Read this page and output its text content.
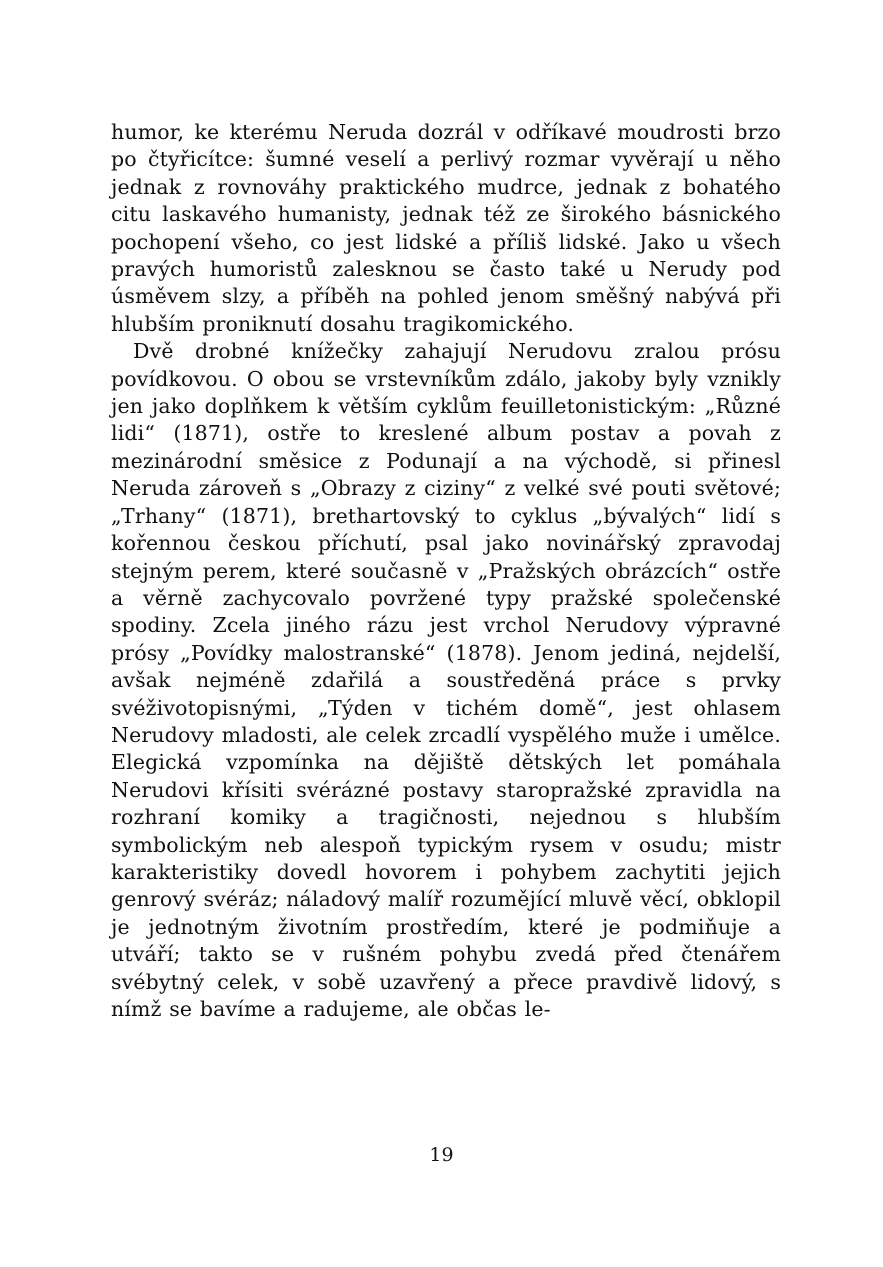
humor, ke kterému Neruda dozrál v odříkavé moudrosti brzo po čtyřicítce: šumné veselí a perlivý rozmar vyvěrají u něho jednak z rovnováhy praktického mudrce, jednak z bohatého citu laskavého humanisty, jednak též ze širokého básnického pochopení všeho, co jest lidské a příliš lidské. Jako u všech pravých humoristů zalesknou se často také u Nerudy pod úsměvem slzy, a příběh na pohled jenom směšný nabývá při hlubším proniknutí dosahu tragikomického.

Dvě drobné knížečky zahajují Nerudovu zralou prósu povídkovou. O obou se vrstevníkům zdálo, jakoby byly vznikly jen jako doplňkem k větším cyklům feuilletonistickým: „Různé lidi“ (1871), ostře to kreslené album postav a povah z mezinárodní směsice z Podunají a na východě, si přinesl Neruda zároveň s „Obrazy z ciziny“ z velké své pouti světové; „Trhany“ (1871), brethartovský to cyklus „bývalých“ lidí s kořennou českou příchutí, psal jako novinářský zpravodaj stejným perem, které současně v „Pražských obrázcích“ ostře a věrně zachycovalo povržené typy pražské společenské spodiny. Zcela jiného rázu jest vrchol Nerudovy výpravné prósy „Povídky malostranské“ (1878). Jenom jediná, nejdelší, avšak nejméně zdařilá a soustředěná práce s prvky svéživotopisnými, „Týden v tichém domě“, jest ohlasem Nerudovy mladosti, ale celek zrcadlí vyspělého muže i umělce. Elegická vzpomínka na dějiště dětských let pomáhala Nerudovi křísiti svérázné postavy staropražské zpravidla na rozhraní komiky a tragičnosti, nejednou s hlubším symbolickým neb alespoň typickým rysem v osudu; mistr karakteristiky dovedl hovorem i pohybem zachytiti jejich genrový svéráz; náladový malíř rozumějící mluvě věcí, obklopil je jednotným životním prostředím, které je podmiňuje a utváří; takto se v rušném pohybu zvedá před čtenářem svébytný celek, v sobě uzavřený a přece pravdivě lidový, s nímž se bavíme a radujeme, ale občas le-

19
